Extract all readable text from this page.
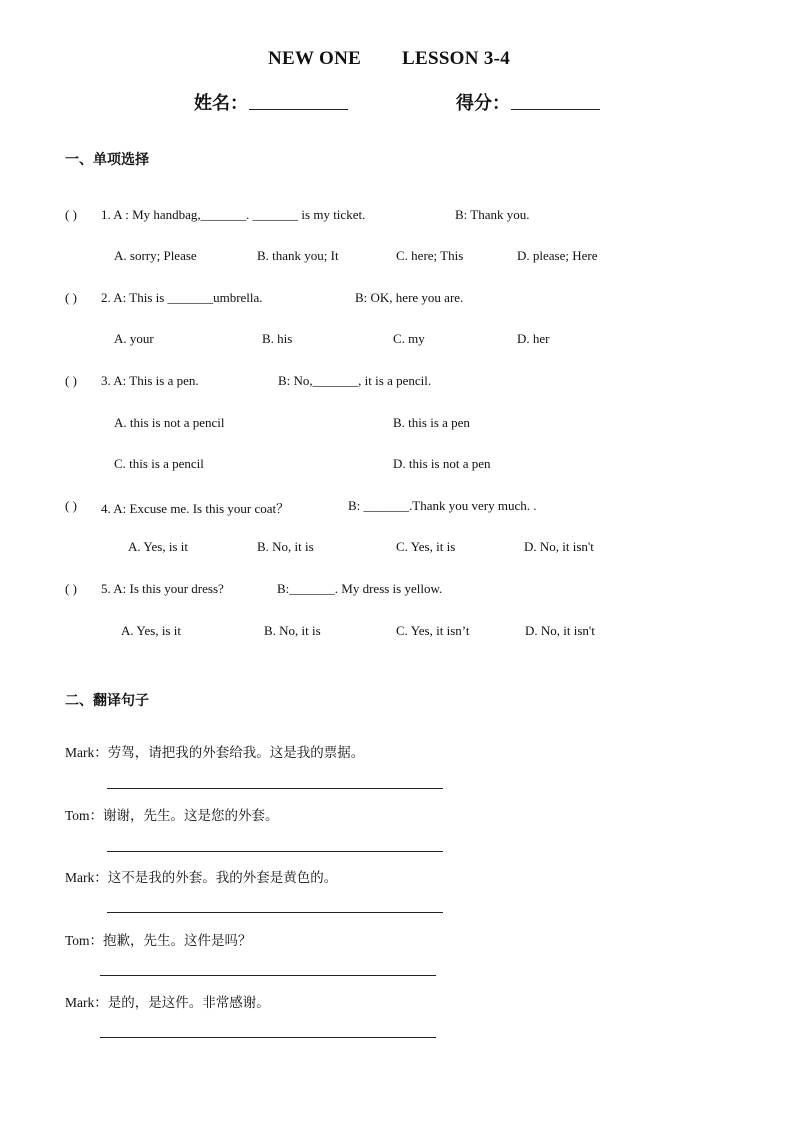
NEW ONE LESSON 3-4
姓名：	得分：
一、单项选择
( ) 1. A : My handbag,_______. _______ is my ticket.	B: Thank you.
A. sorry; Please	B. thank you; It	C. here; This	D. please; Here
( ) 2. A: This is _______umbrella.	B: OK, here you are.
A. your	B. his	C. my	D. her
( ) 3. A: This is a pen.	B: No,_______, it is a pencil.
A. this is not a pencil	B. this is a pen
C. this is a pencil	D. this is not a pen
( ) 4. A: Excuse me. Is this your coat？	B: _______.Thank you very much. .
A. Yes, is it	B. No, it is	C. Yes, it is	D. No, it isn't
( ) 5. A: Is this your dress?	B:_______. My dress is yellow.
A. Yes, is it	B. No, it is	C. Yes, it isn’t	D. No, it isn't
二、翻译句子
Mark：劳驾，请把我的外套给我。这是我的票据。
Tom：谢谢，先生。这是您的外套。
Mark：这不是我的外套。我的外套是黄色的。
Tom：抱歉，先生。这件是吗？
Mark：是的，是这件。非常感谢。
